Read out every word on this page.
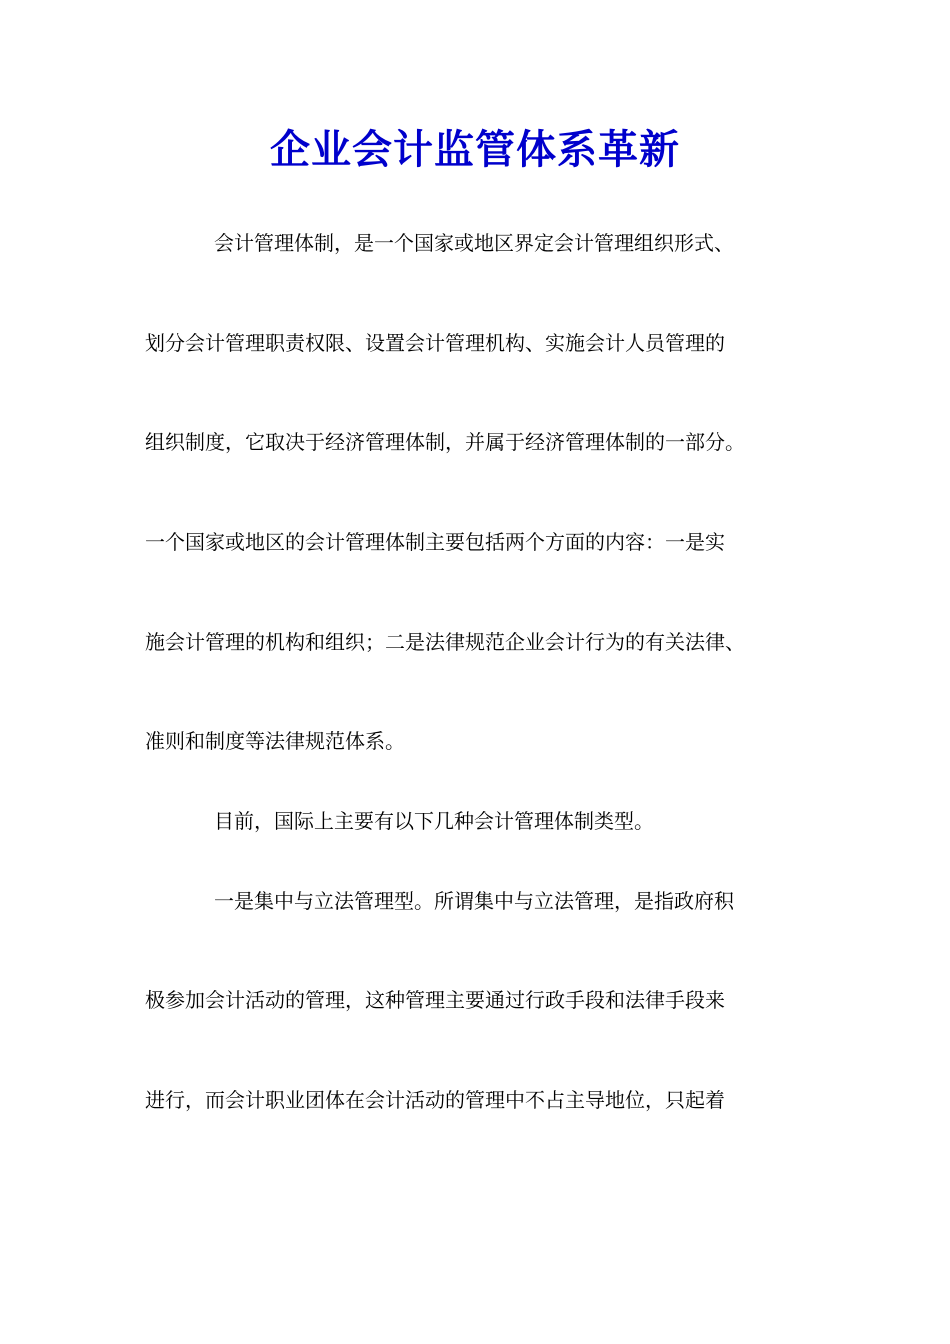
企业会计监管体系革新
会计管理体制，是一个国家或地区界定会计管理组织形式、
划分会计管理职责权限、设置会计管理机构、实施会计人员管理的
组织制度，它取决于经济管理体制，并属于经济管理体制的一部分。
一个国家或地区的会计管理体制主要包括两个方面的内容：一是实
施会计管理的机构和组织；二是法律规范企业会计行为的有关法律、
准则和制度等法律规范体系。
目前，国际上主要有以下几种会计管理体制类型。
一是集中与立法管理型。所谓集中与立法管理，是指政府积
极参加会计活动的管理，这种管理主要通过行政手段和法律手段来
进行，而会计职业团体在会计活动的管理中不占主导地位，只起着
